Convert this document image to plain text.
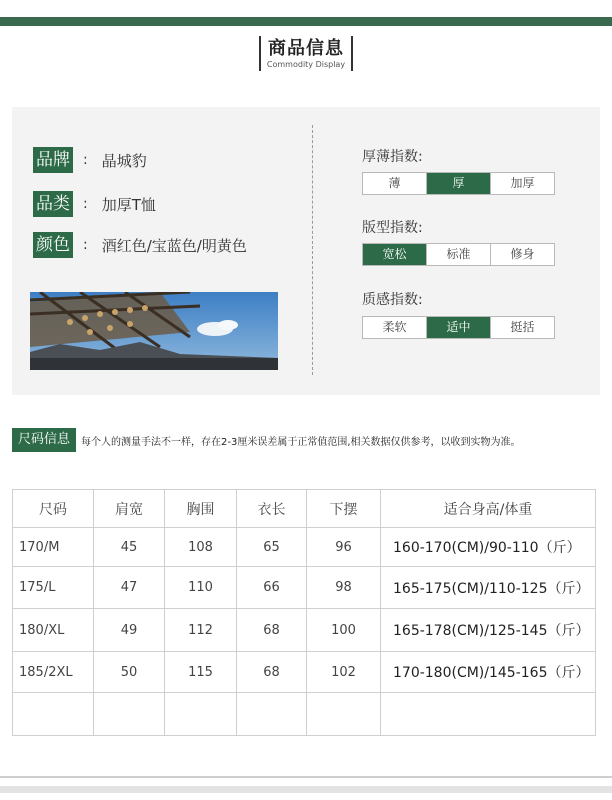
商品信息
Commodity Display
品牌 : 晶城豹
品类 : 加厚T恤
颜色 : 酒红色/宝蓝色/明黄色
厚薄指数:
薄	厚	加厚
版型指数:
宽松	标准	修身
质感指数:
柔软	适中	挺括
尺码信息	每个人的测量手法不一样，存在2-3厘米误差属于正常值范围,相关数据仅供参考，以收到实物为准。
尺码	肩宽	胸围	衣长	下摆	适合身高/体重
170/M	45	108	65	96	160-170(CM)/90-110（斤）
175/L	47	110	66	98	165-175(CM)/110-125（斤）
180/XL	49	112	68	100	165-178(CM)/125-145（斤）
185/2XL	50	115	68	102	170-180(CM)/145-165（斤）
